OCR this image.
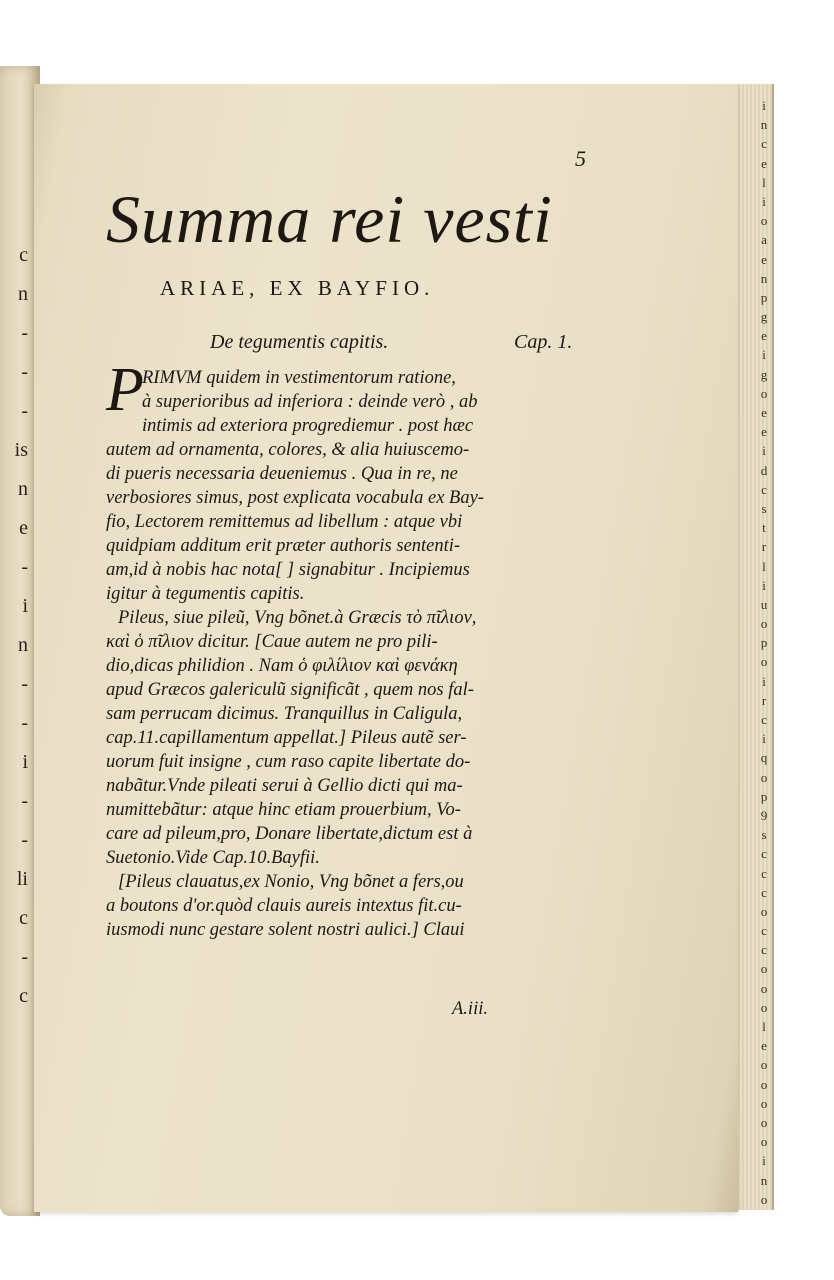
c
n
-
-
-
is
n
e
-
i
n
-
-
i
-
-
li
c
-
c
i
n
c
e
l
i
o
a
e
n
p
g
e
i
g
o
e
e
i
d
c
s
t
r
l
i
u
o
p
o
i
r
c
i
q
o
p
9
s
c
c
c
o
c
c
o
o
o
l
e
o
o
o
o
o
i
n
o
5
Summa rei vesti
ARIAE, EX BAYFIO.
De tegumentis capitis.	Cap. 1.
P
RIMVM quidem in vestimentorum ratione,
à superioribus ad inferiora : deinde verò , ab
intimis ad exteriora progrediemur . post hæc
autem ad ornamenta, colores, & alia huiuscemo-
di pueris necessaria deueniemus . Qua in re, ne
verbosiores simus, post explicata vocabula ex Bay-
fio, Lectorem remittemus ad libellum : atque vbi
quidpiam additum erit præter authoris sententi-
am,id à nobis hac nota[ ] signabitur . Incipiemus
igitur à tegumentis capitis.
Pileus, siue pileũ, Vng bõnet.à Græcis τὸ πῖλιον,
καὶ ὁ πῖλιον dicitur. [Caue autem ne pro pili-
dio,dicas philidion . Nam ὁ φιλίλιον καὶ φενάκη
apud Græcos galericulũ significãt , quem nos fal-
sam perrucam dicimus. Tranquillus in Caligula,
cap.11.capillamentum appellat.] Pileus autẽ ser-
uorum fuit insigne , cum raso capite libertate do-
nabãtur.Vnde pileati serui à Gellio dicti qui ma-
numittebãtur: atque hinc etiam prouerbium, Vo-
care ad pileum,pro, Donare libertate,dictum est à
Suetonio.Vide Cap.10.Bayfii.
[Pileus clauatus,ex Nonio, Vng bõnet a fers,ou
a boutons d'or.quòd clauis aureis intextus fit.cu-
iusmodi nunc gestare solent nostri aulici.] Claui
A.iii.
